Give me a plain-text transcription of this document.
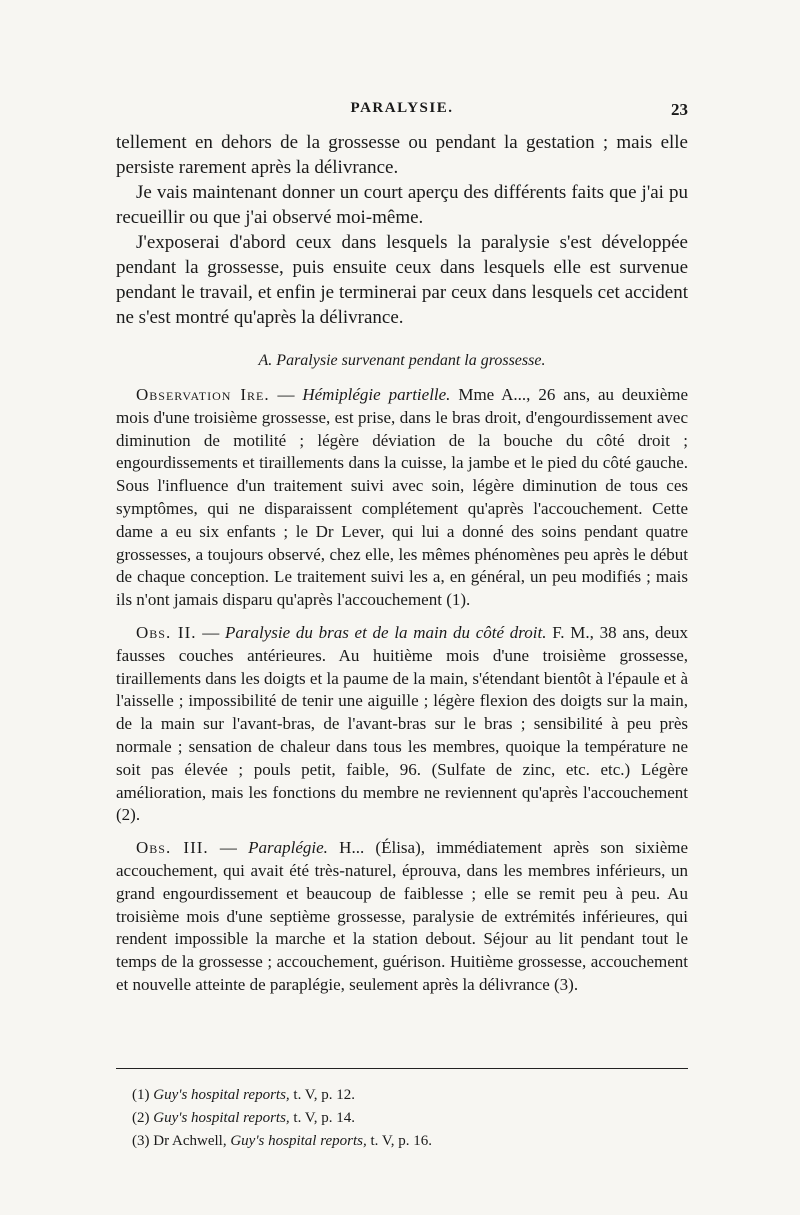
PARALYSIE.	23

tellement en dehors de la grossesse ou pendant la gestation ; mais elle persiste rarement après la délivrance.

Je vais maintenant donner un court aperçu des différents faits que j'ai pu recueillir ou que j'ai observé moi-même.

J'exposerai d'abord ceux dans lesquels la paralysie s'est développée pendant la grossesse, puis ensuite ceux dans lesquels elle est survenue pendant le travail, et enfin je terminerai par ceux dans lesquels cet accident ne s'est montré qu'après la délivrance.

A. Paralysie survenant pendant la grossesse.

Observation Ire. — Hémiplégie partielle. Mme A..., 26 ans, au deuxième mois d'une troisième grossesse, est prise, dans le bras droit, d'engourdissement avec diminution de motilité ; légère déviation de la bouche du côté droit ; engourdissements et tiraillements dans la cuisse, la jambe et le pied du côté gauche. Sous l'influence d'un traitement suivi avec soin, légère diminution de tous ces symptômes, qui ne disparaissent complétement qu'après l'accouchement. Cette dame a eu six enfants ; le Dr Lever, qui lui a donné des soins pendant quatre grossesses, a toujours observé, chez elle, les mêmes phénomènes peu après le début de chaque conception. Le traitement suivi les a, en général, un peu modifiés ; mais ils n'ont jamais disparu qu'après l'accouchement (1).

Obs. II. — Paralysie du bras et de la main du côté droit. F. M., 38 ans, deux fausses couches antérieures. Au huitième mois d'une troisième grossesse, tiraillements dans les doigts et la paume de la main, s'étendant bientôt à l'épaule et à l'aisselle ; impossibilité de tenir une aiguille ; légère flexion des doigts sur la main, de la main sur l'avant-bras, de l'avant-bras sur le bras ; sensibilité à peu près normale ; sensation de chaleur dans tous les membres, quoique la température ne soit pas élevée ; pouls petit, faible, 96. (Sulfate de zinc, etc. etc.) Légère amélioration, mais les fonctions du membre ne reviennent qu'après l'accouchement (2).

Obs. III. — Paraplégie. H... (Élisa), immédiatement après son sixième accouchement, qui avait été très-naturel, éprouva, dans les membres inférieurs, un grand engourdissement et beaucoup de faiblesse ; elle se remit peu à peu. Au troisième mois d'une septième grossesse, paralysie de extrémités inférieures, qui rendent impossible la marche et la station debout. Séjour au lit pendant tout le temps de la grossesse ; accouchement, guérison. Huitième grossesse, accouchement et nouvelle atteinte de paraplégie, seulement après la délivrance (3).

(1) Guy's hospital reports, t. V, p. 12.
(2) Guy's hospital reports, t. V, p. 14.
(3) Dr Achwell, Guy's hospital reports, t. V, p. 16.
